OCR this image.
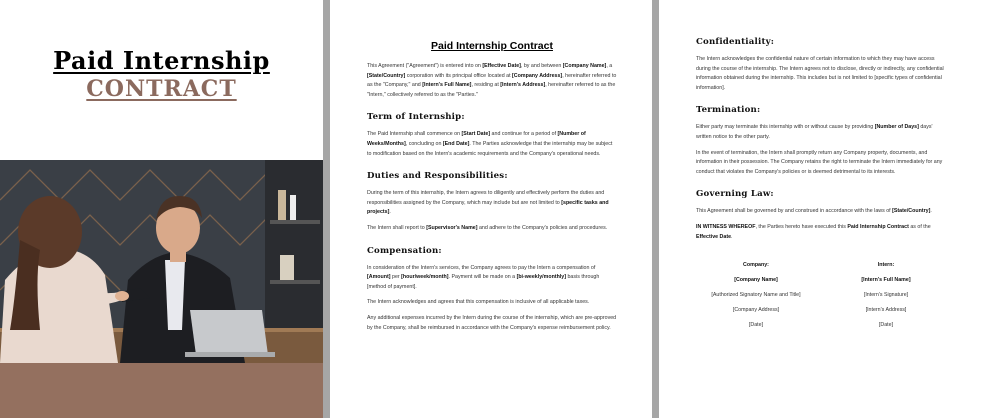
Paid Internship
CONTRACT
Paid Internship Contract
This Agreement ("Agreement") is entered into on [Effective Date], by and between [Company Name], a [State/Country] corporation with its principal office located at [Company Address], hereinafter referred to as the "Company," and [Intern's Full Name], residing at [Intern's Address], hereinafter referred to as the "Intern," collectively referred to as the "Parties."
Term of Internship:
The Paid Internship shall commence on [Start Date] and continue for a period of [Number of Weeks/Months], concluding on [End Date]. The Parties acknowledge that the internship may be subject to modification based on the Intern's academic requirements and the Company's operational needs.
Duties and Responsibilities:
During the term of this internship, the Intern agrees to diligently and effectively perform the duties and responsibilities assigned by the Company, which may include but are not limited to [specific tasks and projects].
The Intern shall report to [Supervisor's Name] and adhere to the Company's policies and procedures.
Compensation:
In consideration of the Intern's services, the Company agrees to pay the Intern a compensation of [Amount] per [hour/week/month]. Payment will be made on a [bi-weekly/monthly] basis through [method of payment].
The Intern acknowledges and agrees that this compensation is inclusive of all applicable taxes.
Any additional expenses incurred by the Intern during the course of the internship, which are pre-approved by the Company, shall be reimbursed in accordance with the Company's expense reimbursement policy.
Confidentiality:
The Intern acknowledges the confidential nature of certain information to which they may have access during the course of the internship. The Intern agrees not to disclose, directly or indirectly, any confidential information obtained during the internship. This includes but is not limited to [specific types of confidential information].
Termination:
Either party may terminate this internship with or without cause by providing [Number of Days] days' written notice to the other party.
In the event of termination, the Intern shall promptly return any Company property, documents, and information in their possession. The Company retains the right to terminate the Intern immediately for any conduct that violates the Company's policies or is deemed detrimental to its interests.
Governing Law:
This Agreement shall be governed by and construed in accordance with the laws of [State/Country].
IN WITNESS WHEREOF, the Parties hereto have executed this Paid Internship Contract as of the Effective Date.
Company:
[Company Name]
[Authorized Signatory Name and Title]
[Company Address]
[Date]
Intern:
[Intern's Full Name]
[Intern's Signature]
[Intern's Address]
[Date]
